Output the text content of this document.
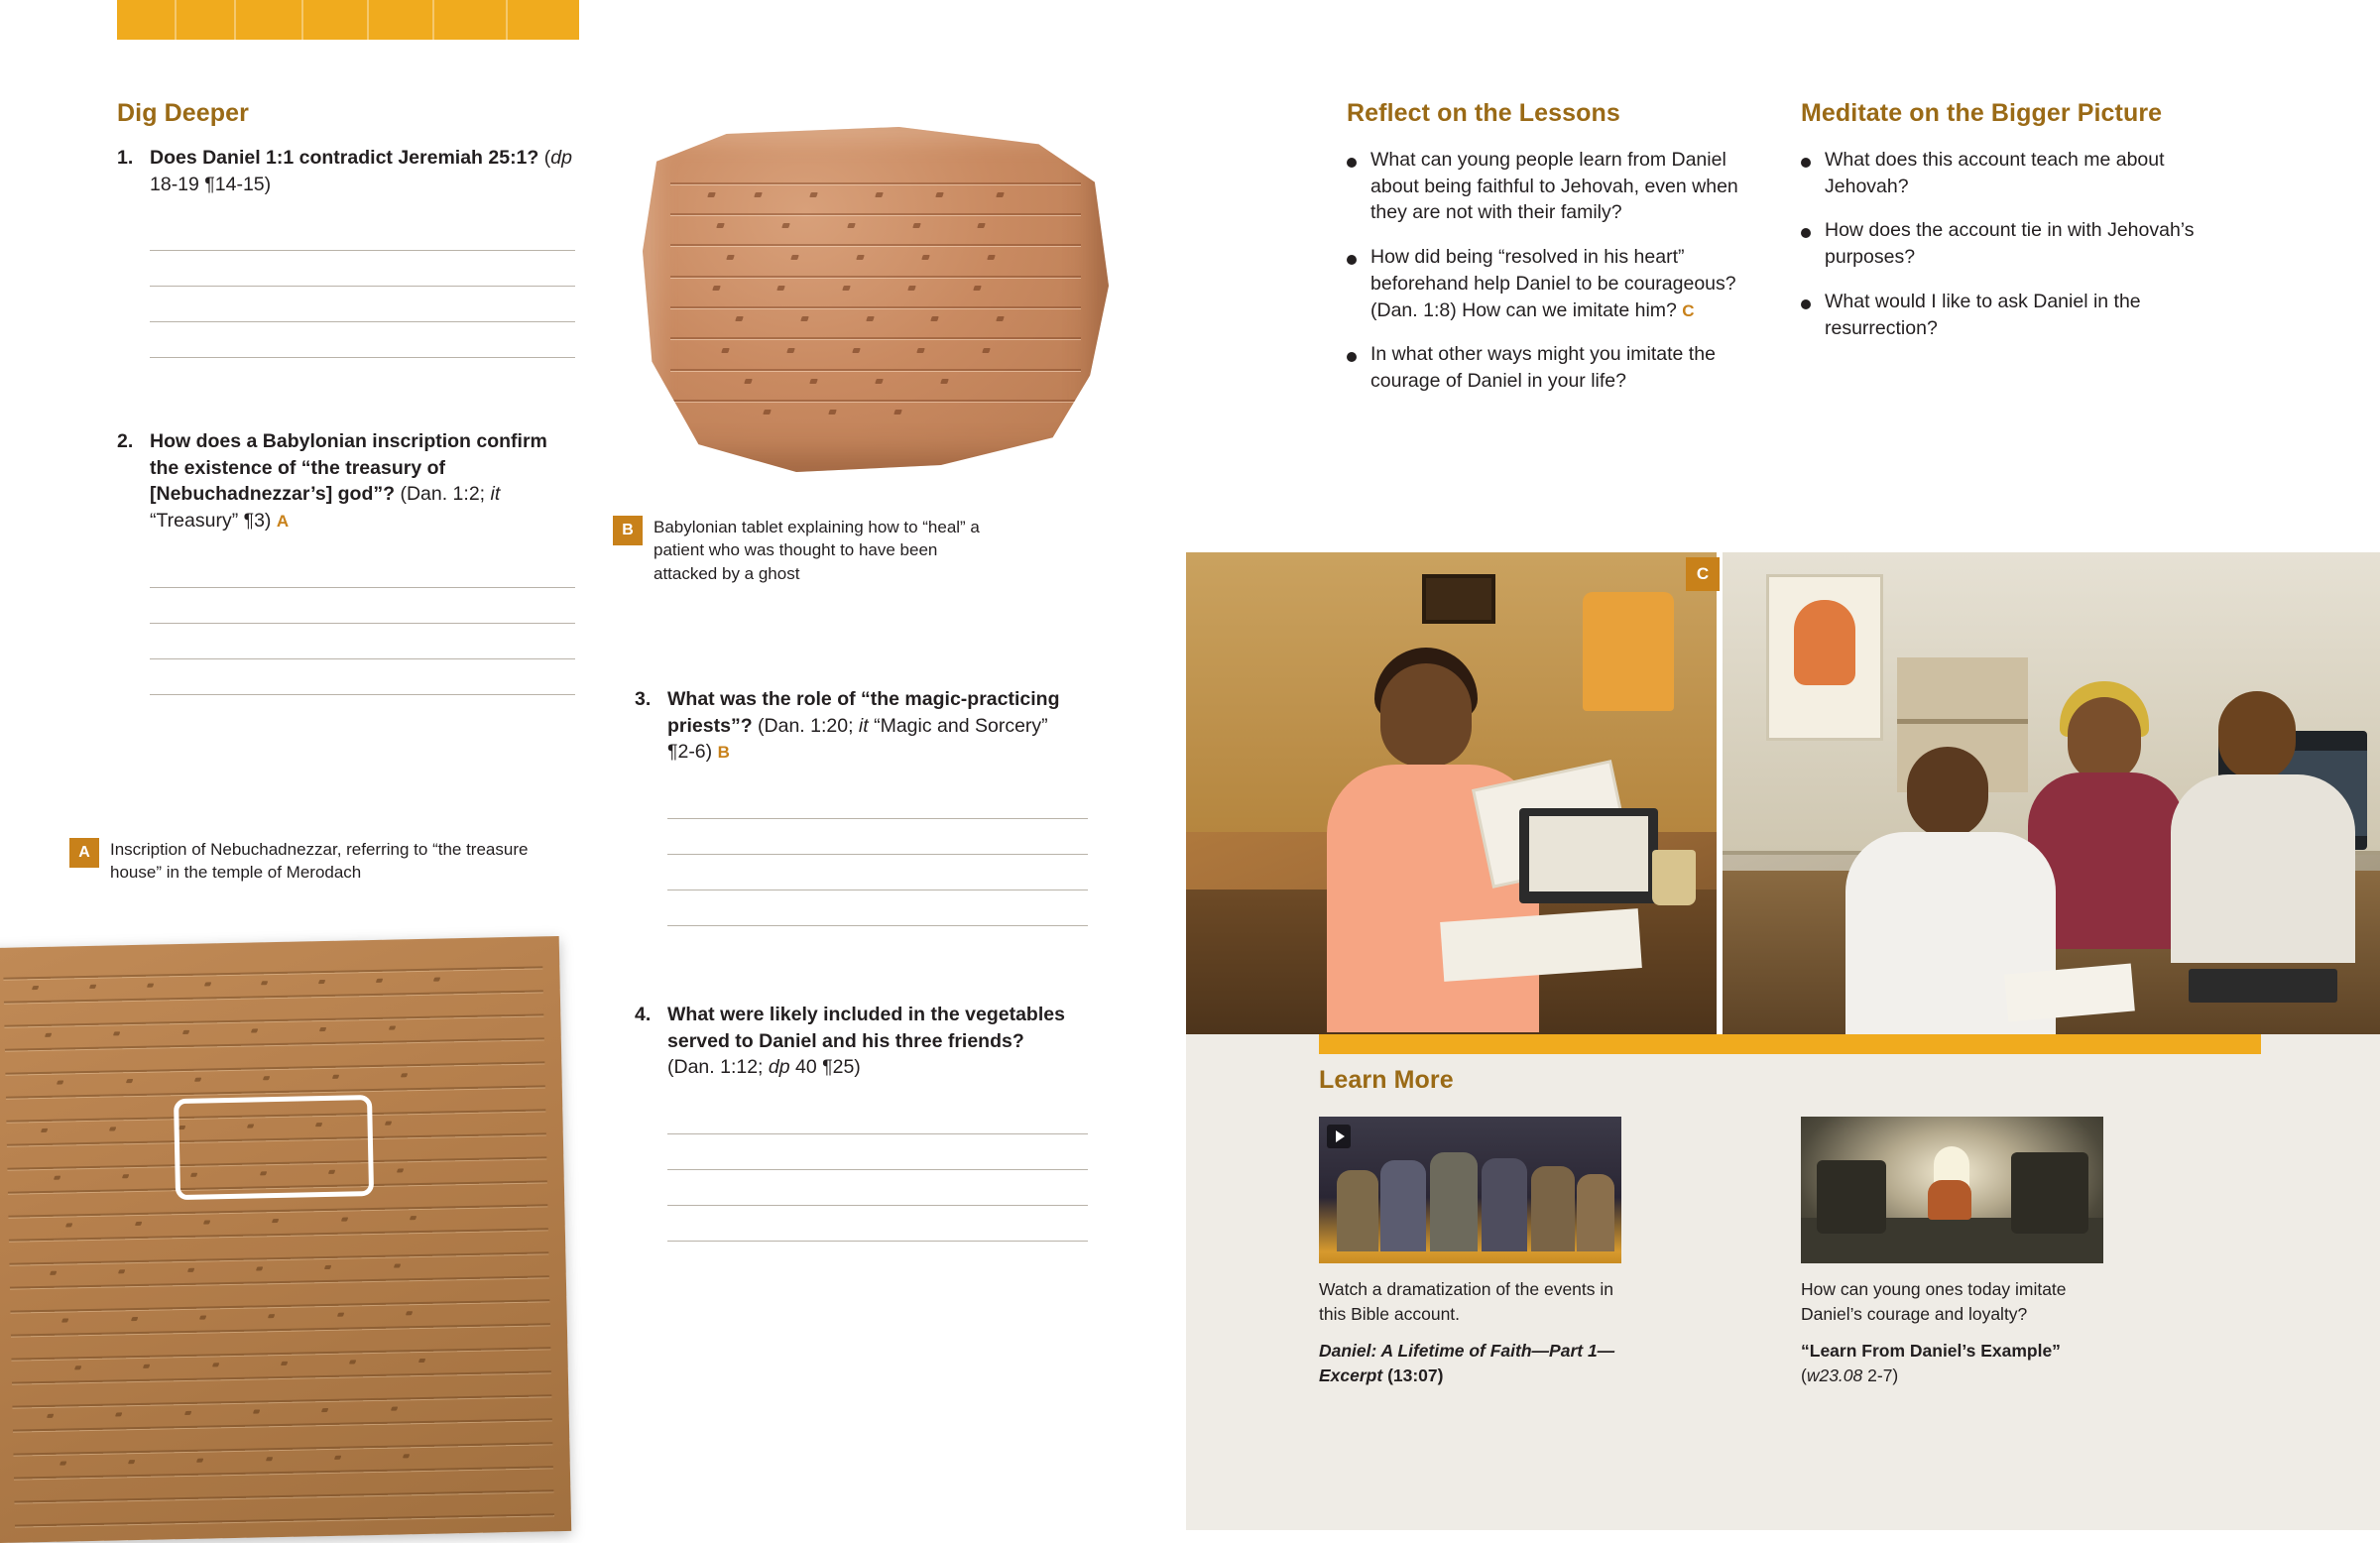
Dig Deeper
1. Does Daniel 1:1 contradict Jeremiah 25:1? (dp 18-19 ¶14-15)
2. How does a Babylonian inscription confirm the existence of “the treasury of [Nebuchadnezzar’s] god”? (Dan. 1:2; it “Treasury” ¶3) A
3. What was the role of “the magic-practicing priests”? (Dan. 1:20; it “Magic and Sorcery” ¶2-6) B
4. What were likely included in the vegetables served to Daniel and his three friends? (Dan. 1:12; dp 40 ¶25)
B	Babylonian tablet explaining how to “heal” a patient who was thought to have been attacked by a ghost
A	Inscription of Nebuchadnezzar, referring to “the treasure house” in the temple of Merodach
Reflect on the Lessons
What can young people learn from Daniel about being faithful to Jehovah, even when they are not with their family?
How did being “resolved in his heart” beforehand help Daniel to be courageous? (Dan. 1:8) How can we imitate him? C
In what other ways might you imitate the courage of Daniel in your life?
Meditate on the Bigger Picture
What does this account teach me about Jehovah?
How does the account tie in with Jehovah’s purposes?
What would I like to ask Daniel in the resurrection?
C
Learn More
Watch a dramatization of the events in this Bible account.
Daniel: A Lifetime of Faith—Part 1—Excerpt (13:07)
How can young ones today imitate Daniel’s courage and loyalty?
“Learn From Daniel’s Example”
(w23.08 2-7)
